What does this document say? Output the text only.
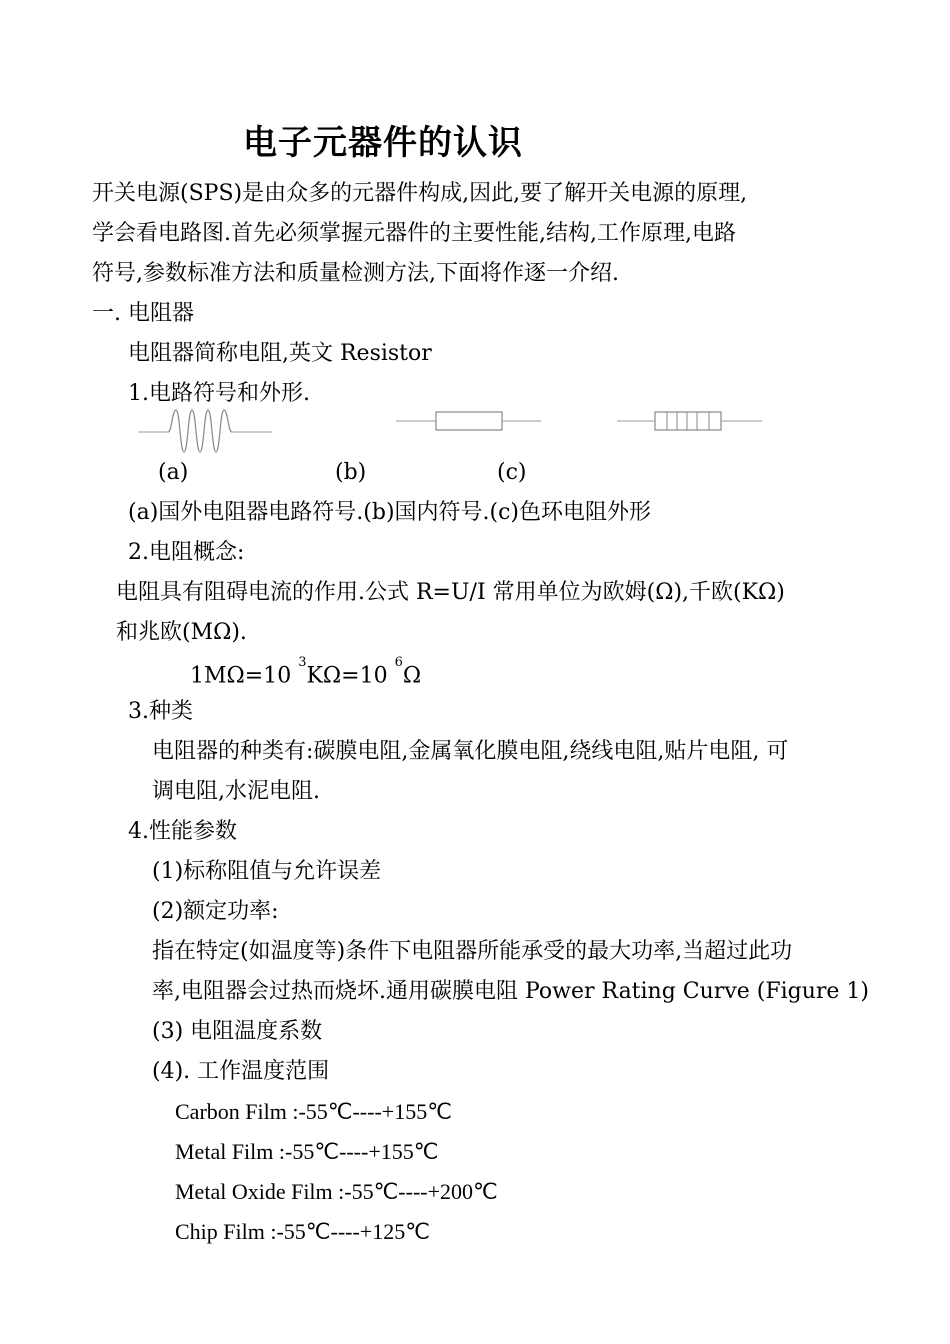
电子元器件的认识
开关电源(SPS)是由众多的元器件构成,因此,要了解开关电源的原理,
学会看电路图.首先必须掌握元器件的主要性能,结构,工作原理,电路
符号,参数标准方法和质量检测方法,下面将作逐一介绍.
一. 电阻器
电阻器简称电阻,英文 Resistor
1.电路符号和外形.
(a)	(b)	(c)
(a)国外电阻器电路符号.(b)国内符号.(c)色环电阻外形
2.电阻概念:
电阻具有阻碍电流的作用.公式 R=U/I 常用单位为欧姆(Ω),千欧(KΩ)
和兆欧(MΩ).
1MΩ=10 $^3$KΩ=10 $^6$Ω
3.种类
电阻器的种类有:碳膜电阻,金属氧化膜电阻,绕线电阻,贴片电阻, 可
调电阻,水泥电阻.
4.性能参数
(1)标称阻值与允许误差
(2)额定功率:
指在特定(如温度等)条件下电阻器所能承受的最大功率,当超过此功
率,电阻器会过热而烧坏.通用碳膜电阻 Power Rating Curve (Figure 1)
(3) 电阻温度系数
(4). 工作温度范围
Carbon Film :-55℃----+155℃
Metal Film :-55℃----+155℃
Metal Oxide Film :-55℃----+200℃
Chip Film :-55℃----+125℃
